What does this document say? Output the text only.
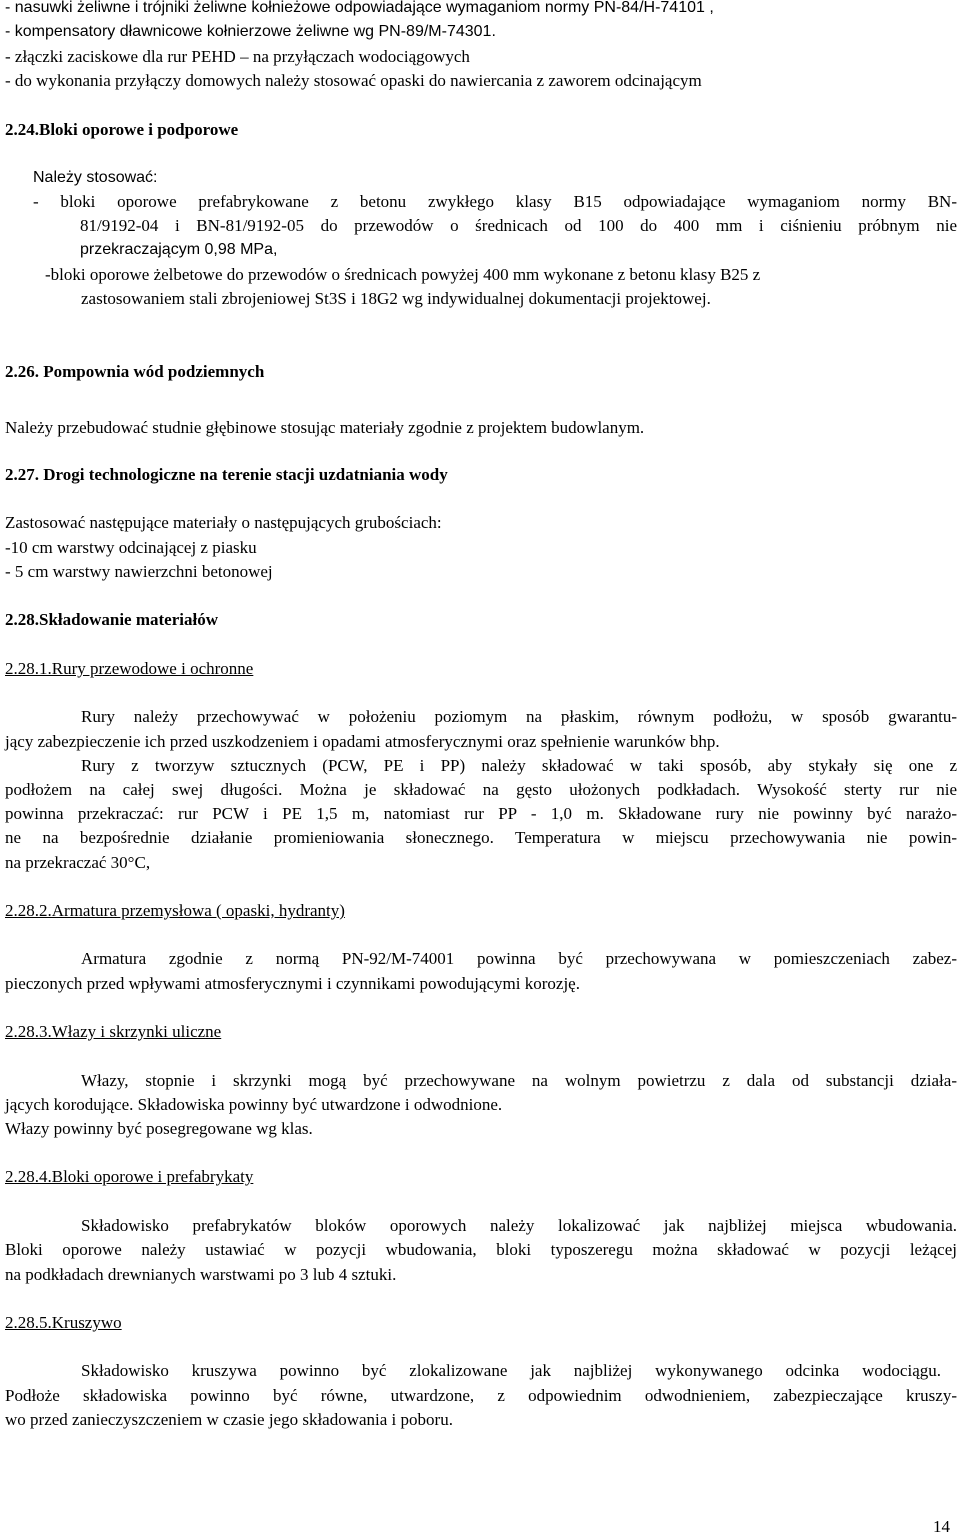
- nasuwki żeliwne i trójniki żeliwne kołnieżowe odpowiadające wymaganiom normy PN-84/H-74101 ,
- kompensatory dławnicowe kołnierzowe żeliwne wg PN-89/M-74301.
- złączki zaciskowe dla rur PEHD – na przyłączach wodociągowych
- do wykonania przyłączy domowych należy stosować opaski do nawiercania z zaworem odcinającym
2.24.Bloki oporowe i podporowe
Należy stosować:
- bloki oporowe prefabrykowane z betonu zwykłego klasy B15 odpowiadające wymaganiom normy BN-
81/9192-04 i BN-81/9192-05 do przewodów o średnicach od 100 do 400 mm i ciśnieniu próbnym nie
przekraczającym 0,98 MPa,
-bloki oporowe żelbetowe do przewodów o średnicach powyżej 400 mm wykonane z betonu klasy B25 z
zastosowaniem stali zbrojeniowej St3S i 18G2 wg indywidualnej dokumentacji projektowej.
2.26. Pompownia wód podziemnych
Należy przebudować studnie głębinowe stosując materiały zgodnie z projektem budowlanym.
2.27. Drogi technologiczne na terenie stacji uzdatniania wody
Zastosować następujące materiały o następujących grubościach:
-10 cm warstwy odcinającej z piasku
- 5 cm warstwy nawierzchni betonowej
2.28.Składowanie materiałów
2.28.1.Rury przewodowe i ochronne
Rury należy przechowywać w położeniu poziomym na płaskim, równym podłożu, w sposób gwarantu-
jący zabezpieczenie ich przed uszkodzeniem i opadami atmosferycznymi oraz spełnienie warunków bhp.
Rury z tworzyw sztucznych (PCW, PE i PP) należy składować w taki sposób, aby stykały się one z
podłożem na całej swej długości. Można je składować na gęsto ułożonych podkładach. Wysokość sterty rur nie
powinna przekraczać: rur PCW i PE 1,5 m, natomiast rur PP - 1,0 m. Składowane rury nie powinny być narażo-
ne na bezpośrednie działanie promieniowania słonecznego. Temperatura w miejscu przechowywania nie powin-
na przekraczać 30°C,
2.28.2.Armatura przemysłowa ( opaski, hydranty)
Armatura zgodnie z normą PN-92/M-74001 powinna być przechowywana w pomieszczeniach zabez-
pieczonych przed wpływami atmosferycznymi i czynnikami powodującymi korozję.
2.28.3.Włazy i skrzynki uliczne
Włazy, stopnie i skrzynki mogą być przechowywane na wolnym powietrzu z dala od substancji działa-
jących korodujące. Składowiska powinny być utwardzone i odwodnione.
Włazy powinny być posegregowane wg klas.
2.28.4.Bloki oporowe i prefabrykaty
Składowisko prefabrykatów bloków oporowych należy lokalizować jak najbliżej miejsca wbudowania.
Bloki oporowe należy ustawiać w pozycji wbudowania, bloki typoszeregu można składować w pozycji leżącej
na podkładach drewnianych warstwami po 3 lub 4 sztuki.
2.28.5.Kruszywo
Składowisko kruszywa powinno być zlokalizowane jak najbliżej wykonywanego odcinka wodociągu.
Podłoże składowiska powinno być równe, utwardzone, z odpowiednim odwodnieniem, zabezpieczające kruszy-
wo przed zanieczyszczeniem w czasie jego składowania i poboru.
14
